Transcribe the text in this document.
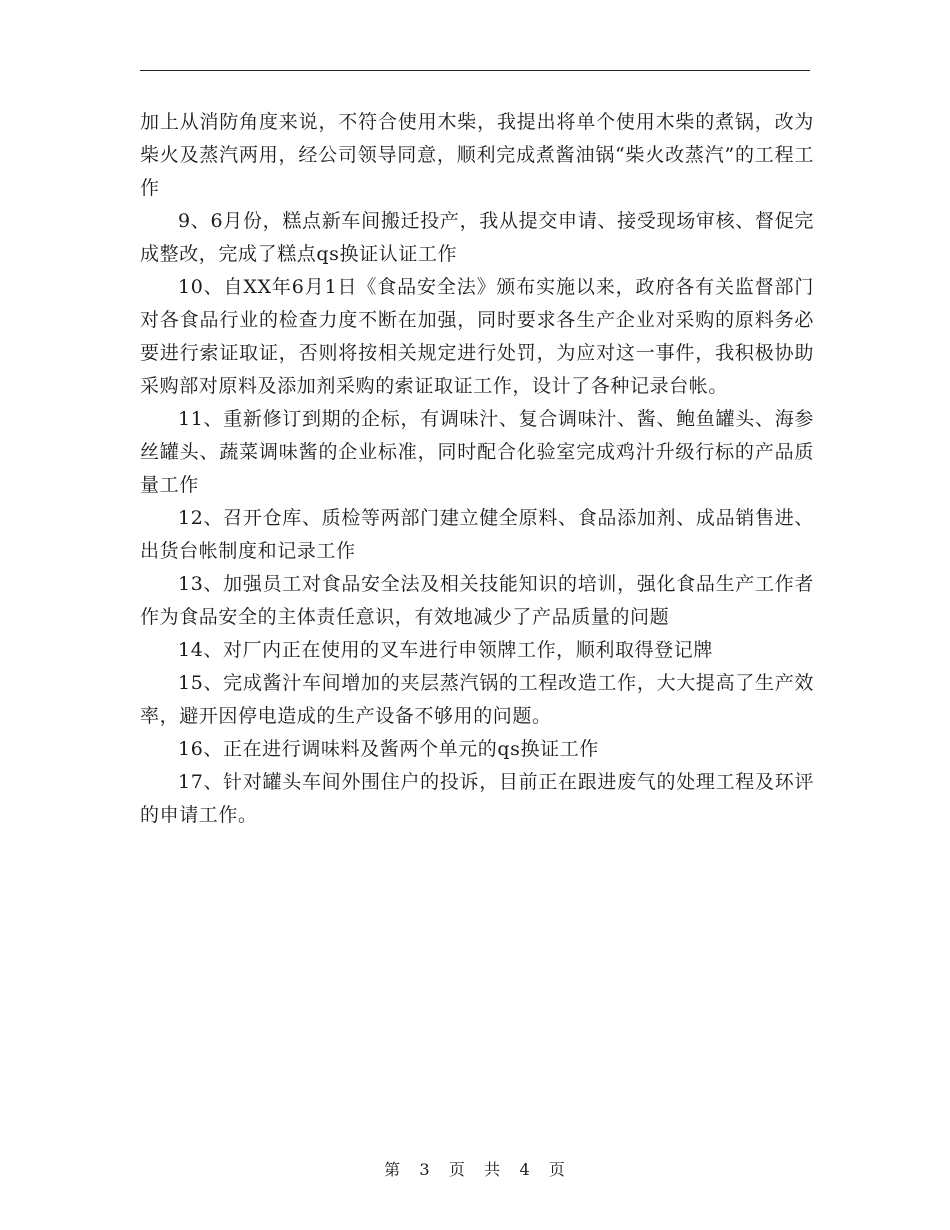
加上从消防角度来说，不符合使用木柴，我提出将单个使用木柴的煮锅，改为柴火及蒸汽两用，经公司领导同意，顺利完成煮酱油锅“柴火改蒸汽”的工程工作

9、6月份，糕点新车间搬迁投产，我从提交申请、接受现场审核、督促完成整改，完成了糕点qs换证认证工作

10、自XX年6月1日《食品安全法》颁布实施以来，政府各有关监督部门对各食品行业的检查力度不断在加强，同时要求各生产企业对采购的原料务必要进行索证取证，否则将按相关规定进行处罚，为应对这一事件，我积极协助采购部对原料及添加剂采购的索证取证工作，设计了各种记录台帐。

11、重新修订到期的企标，有调味汁、复合调味汁、酱、鲍鱼罐头、海参丝罐头、蔬菜调味酱的企业标准，同时配合化验室完成鸡汁升级行标的产品质量工作

12、召开仓库、质检等两部门建立健全原料、食品添加剂、成品销售进、出货台帐制度和记录工作

13、加强员工对食品安全法及相关技能知识的培训，强化食品生产工作者作为食品安全的主体责任意识，有效地减少了产品质量的问题

14、对厂内正在使用的叉车进行申领牌工作，顺利取得登记牌

15、完成酱汁车间增加的夹层蒸汽锅的工程改造工作，大大提高了生产效率，避开因停电造成的生产设备不够用的问题。

16、正在进行调味料及酱两个单元的qs换证工作

17、针对罐头车间外围住户的投诉，目前正在跟进废气的处理工程及环评的申请工作。

第 3 页 共 4 页
